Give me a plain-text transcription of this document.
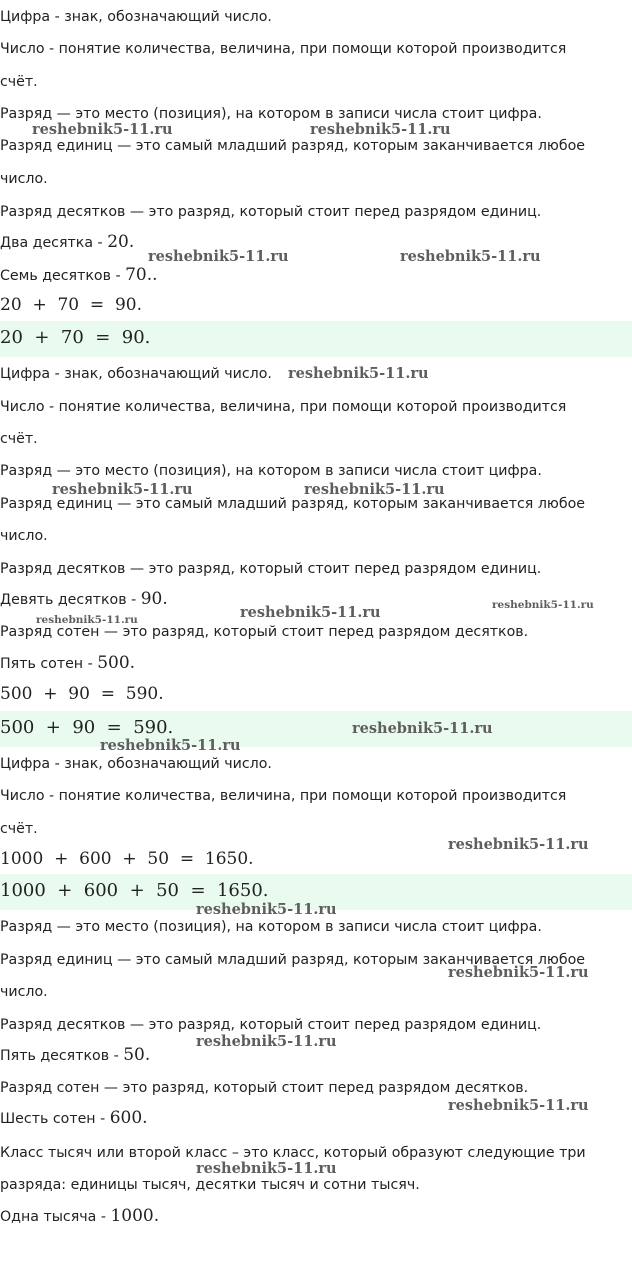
Цифра - знак, обозначающий число.
Число - понятие количества, величина, при помощи которой производится
счёт.
Разряд — это место (позиция), на котором в записи числа стоит цифра.
Разряд единиц — это самый младший разряд, которым заканчивается любое
число.
Разряд десятков — это разряд, который стоит перед разрядом единиц.
Два десятка - 20.
Семь десятков - 70..
20  +  70  =  90.
20  +  70  =  90.
Цифра - знак, обозначающий число.
Число - понятие количества, величина, при помощи которой производится
счёт.
Разряд — это место (позиция), на котором в записи числа стоит цифра.
Разряд единиц — это самый младший разряд, которым заканчивается любое
число.
Разряд десятков — это разряд, который стоит перед разрядом единиц.
Девять десятков - 90.
Разряд сотен — это разряд, который стоит перед разрядом десятков.
Пять сотен - 500.
500  +  90  =  590.
500  +  90  =  590.
Цифра - знак, обозначающий число.
Число - понятие количества, величина, при помощи которой производится
счёт.
1000  +  600  +  50  =  1650.
1000  +  600  +  50  =  1650.
Разряд — это место (позиция), на котором в записи числа стоит цифра.
Разряд единиц — это самый младший разряд, которым заканчивается любое
число.
Разряд десятков — это разряд, который стоит перед разрядом единиц.
Пять десятков - 50.
Разряд сотен — это разряд, который стоит перед разрядом десятков.
Шесть сотен - 600.
Класс тысяч или второй класс – это класс, который образуют следующие три
разряда: единицы тысяч, десятки тысяч и сотни тысяч.
Одна тысяча - 1000.
reshebnik5-11.ru	reshebnik5-11.ru
reshebnik5-11.ru	reshebnik5-11.ru
reshebnik5-11.ru
reshebnik5-11.ru	reshebnik5-11.ru
reshebnik5-11.ru	reshebnik5-11.ru
reshebnik5-11.ru
reshebnik5-11.ru
reshebnik5-11.ru
reshebnik5-11.ru
reshebnik5-11.ru
reshebnik5-11.ru
reshebnik5-11.ru
reshebnik5-11.ru
reshebnik5-11.ru
